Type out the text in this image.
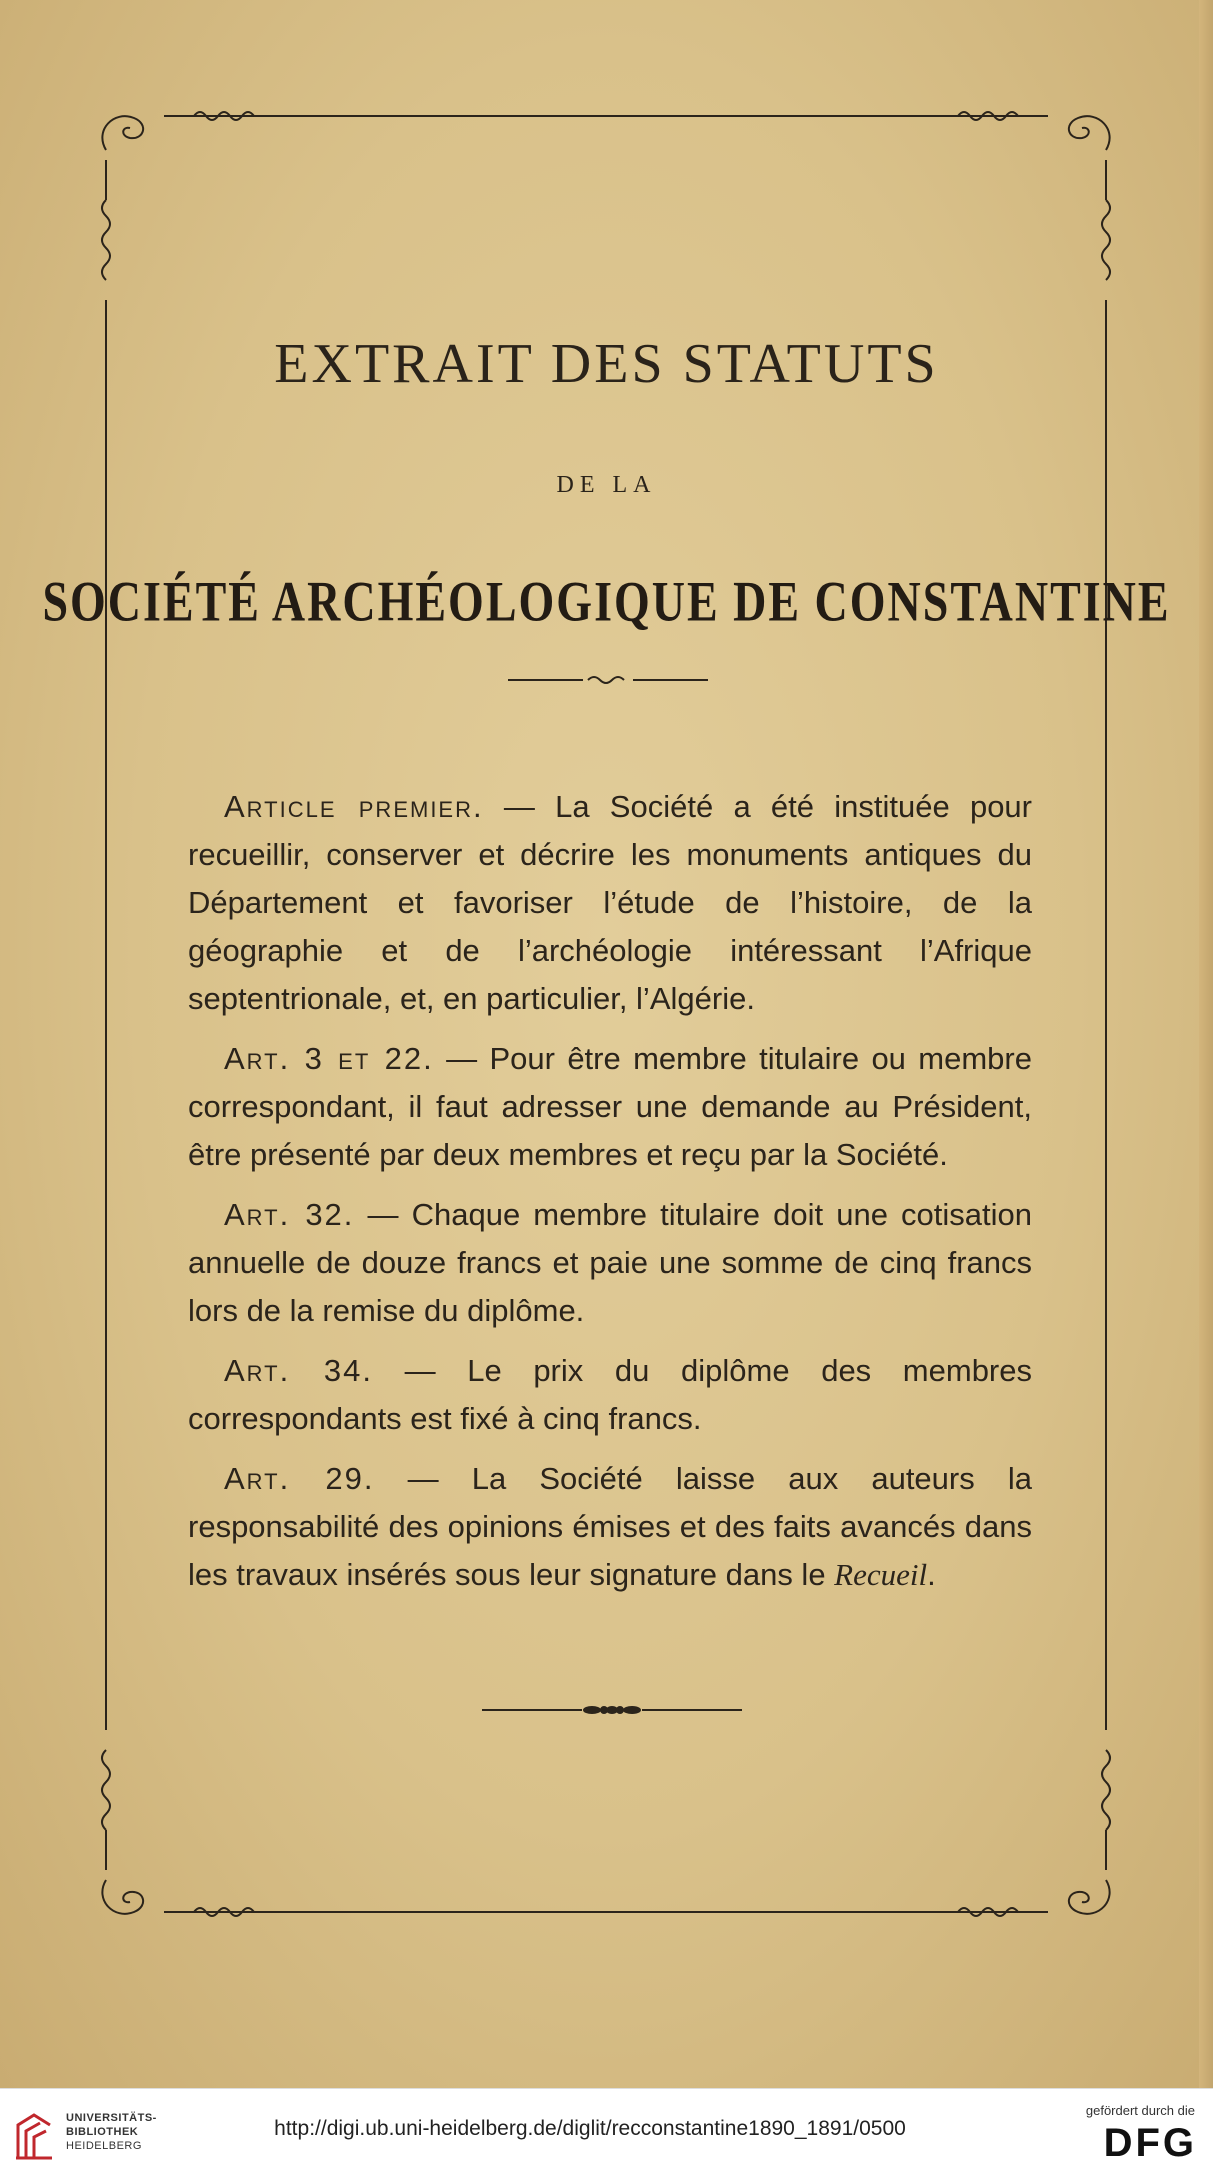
EXTRAIT DES STATUTS
DE LA
SOCIÉTÉ ARCHÉOLOGIQUE DE CONSTANTINE

Article premier. — La Société a été instituée pour recueillir, conserver et décrire les monuments antiques du Département et favoriser l’étude de l’histoire, de la géographie et de l’archéologie intéressant l’Afrique septentrionale, et, en particulier, l’Algérie.

Art. 3 et 22. — Pour être membre titulaire ou membre correspondant, il faut adresser une demande au Président, être présenté par deux membres et reçu par la Société.

Art. 32. — Chaque membre titulaire doit une cotisation annuelle de douze francs et paie une somme de cinq francs lors de la remise du diplôme.

Art. 34. — Le prix du diplôme des membres correspondants est fixé à cinq francs.

Art. 29. — La Société laisse aux auteurs la responsabilité des opinions émises et des faits avancés dans les travaux insérés sous leur signature dans le Recueil.

UNIVERSITÄTS-
BIBLIOTHEK
HEIDELBERG
http://digi.ub.uni-heidelberg.de/diglit/recconstantine1890_1891/0500
gefördert durch die
DFG
